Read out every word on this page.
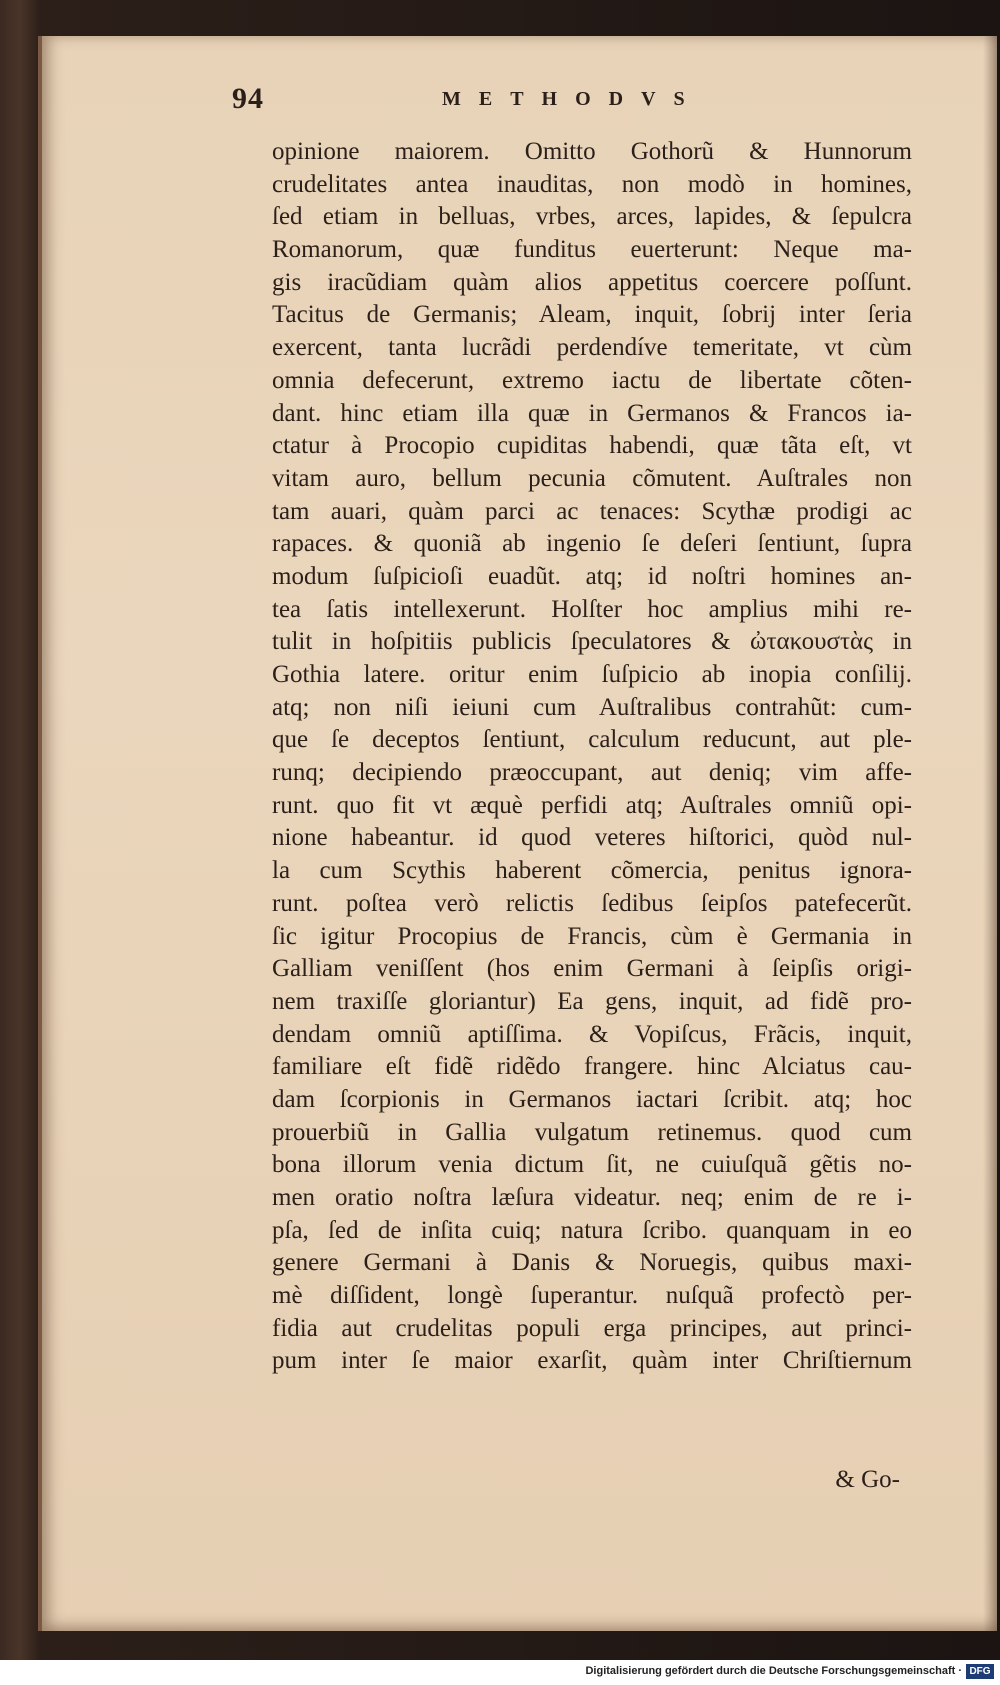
94	METHODVS
opinione maiorem. Omitto Gothorũ & Hunnorum
crudelitates antea inauditas, non modò in homines,
ſed etiam in belluas, vrbes, arces, lapides, & ſepulcra
Romanorum, quæ funditus euerterunt: Neque ma-
gis iracũdiam quàm alios appetitus coercere poſſunt.
Tacitus de Germanis; Aleam, inquit, ſobrij inter ſeria
exercent, tanta lucrãdi perdendíve temeritate, vt cùm
omnia defecerunt, extremo iactu de libertate cõten-
dant. hinc etiam illa quæ in Germanos & Francos ia-
ctatur à Procopio cupiditas habendi, quæ tãta eſt, vt
vitam auro, bellum pecunia cõmutent. Auſtrales non
tam auari, quàm parci ac tenaces: Scythæ prodigi ac
rapaces. & quoniã ab ingenio ſe deſeri ſentiunt, ſupra
modum ſuſpicioſi euadũt. atq; id noſtri homines an-
tea ſatis intellexerunt. Holſter hoc amplius mihi re-
tulit in hoſpitiis publicis ſpeculatores & ὠτακουστὰς in
Gothia latere. oritur enim ſuſpicio ab inopia conſilij.
atq; non niſi ieiuni cum Auſtralibus contrahũt: cum-
que ſe deceptos ſentiunt, calculum reducunt, aut ple-
runq; decipiendo præoccupant, aut deniq; vim affe-
runt. quo fit vt æquè perfidi atq; Auſtrales omniũ opi-
nione habeantur. id quod veteres hiſtorici, quòd nul-
la cum Scythis haberent cõmercia, penitus ignora-
runt. poſtea verò relictis ſedibus ſeipſos patefecerũt.
ſic igitur Procopius de Francis, cùm è Germania in
Galliam veniſſent (hos enim Germani à ſeipſis origi-
nem traxiſſe gloriantur) Ea gens, inquit, ad fidẽ pro-
dendam omniũ aptiſſima. & Vopiſcus, Frãcis, inquit,
familiare eſt fidẽ ridẽdo frangere. hinc Alciatus cau-
dam ſcorpionis in Germanos iactari ſcribit. atq; hoc
prouerbiũ in Gallia vulgatum retinemus. quod cum
bona illorum venia dictum ſit, ne cuiuſquã gẽtis no-
men oratio noſtra læſura videatur. neq; enim de re i-
pſa, ſed de inſita cuiq; natura ſcribo. quanquam in eo
genere Germani à Danis & Noruegis, quibus maxi-
mè diſſident, longè ſuperantur. nuſquã profectò per-
fidia aut crudelitas populi erga principes, aut princi-
pum inter ſe maior exarſit, quàm inter Chriſtiernum
& Go-
Digitalisierung gefördert durch die Deutsche Forschungsgemeinschaft · DFG
